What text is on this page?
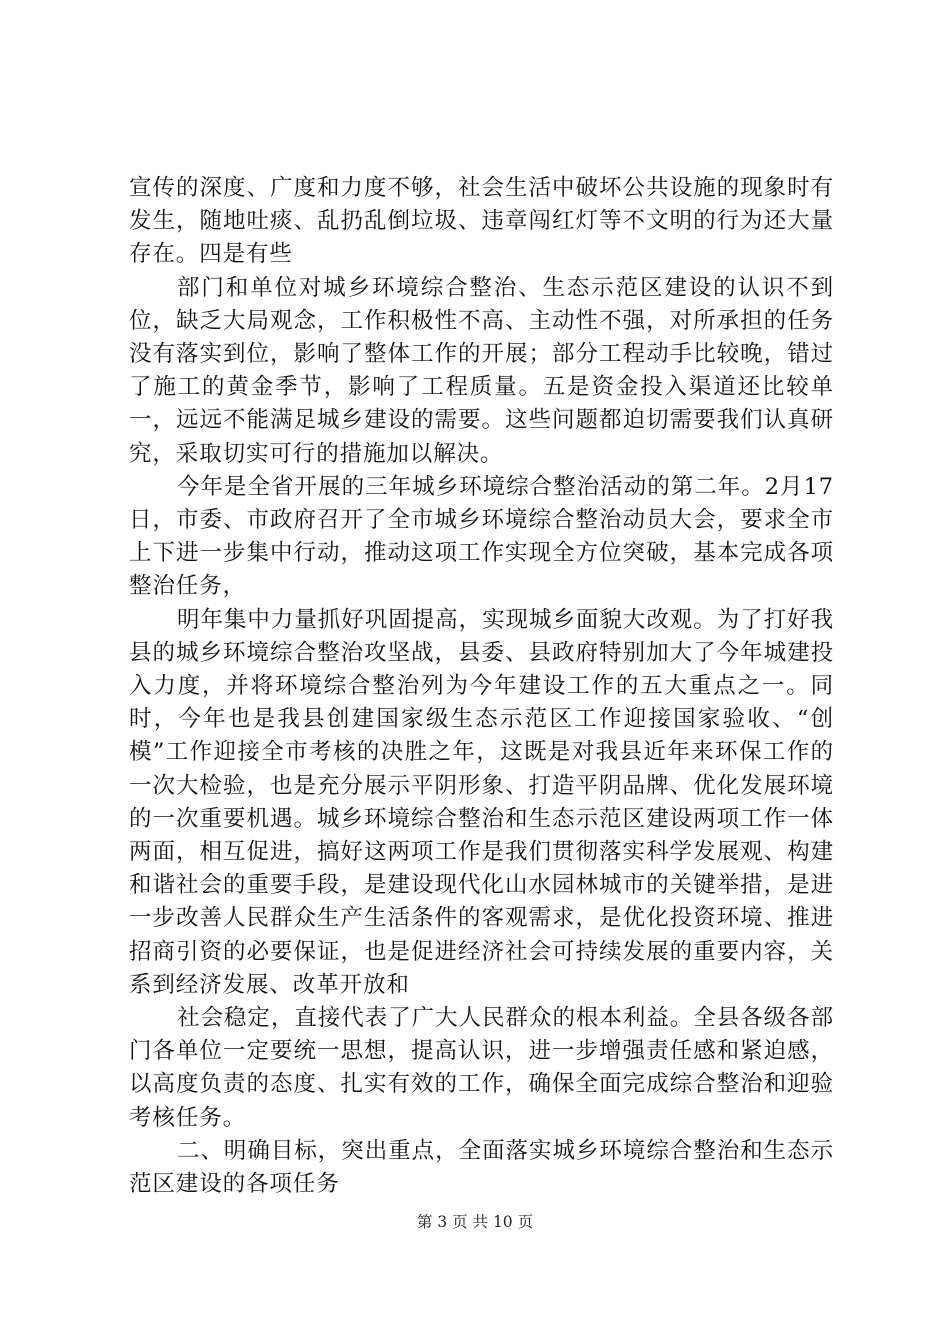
宣传的深度、广度和力度不够，社会生活中破坏公共设施的现象时有发生，随地吐痰、乱扔乱倒垃圾、违章闯红灯等不文明的行为还大量存在。四是有些

部门和单位对城乡环境综合整治、生态示范区建设的认识不到位，缺乏大局观念，工作积极性不高、主动性不强，对所承担的任务没有落实到位，影响了整体工作的开展；部分工程动手比较晚，错过了施工的黄金季节，影响了工程质量。五是资金投入渠道还比较单一，远远不能满足城乡建设的需要。这些问题都迫切需要我们认真研究，采取切实可行的措施加以解决。

今年是全省开展的三年城乡环境综合整治活动的第二年。2月17日，市委、市政府召开了全市城乡环境综合整治动员大会，要求全市上下进一步集中行动，推动这项工作实现全方位突破，基本完成各项整治任务，

明年集中力量抓好巩固提高，实现城乡面貌大改观。为了打好我县的城乡环境综合整治攻坚战，县委、县政府特别加大了今年城建投入力度，并将环境综合整治列为今年建设工作的五大重点之一。同时，今年也是我县创建国家级生态示范区工作迎接国家验收、“创模”工作迎接全市考核的决胜之年，这既是对我县近年来环保工作的一次大检验，也是充分展示平阴形象、打造平阴品牌、优化发展环境的一次重要机遇。城乡环境综合整治和生态示范区建设两项工作一体两面，相互促进，搞好这两项工作是我们贯彻落实科学发展观、构建和谐社会的重要手段，是建设现代化山水园林城市的关键举措，是进一步改善人民群众生产生活条件的客观需求，是优化投资环境、推进招商引资的必要保证，也是促进经济社会可持续发展的重要内容，关系到经济发展、改革开放和

社会稳定，直接代表了广大人民群众的根本利益。全县各级各部门各单位一定要统一思想，提高认识，进一步增强责任感和紧迫感，以高度负责的态度、扎实有效的工作，确保全面完成综合整治和迎验考核任务。

二、明确目标，突出重点，全面落实城乡环境综合整治和生态示范区建设的各项任务

第 3 页 共 10 页
